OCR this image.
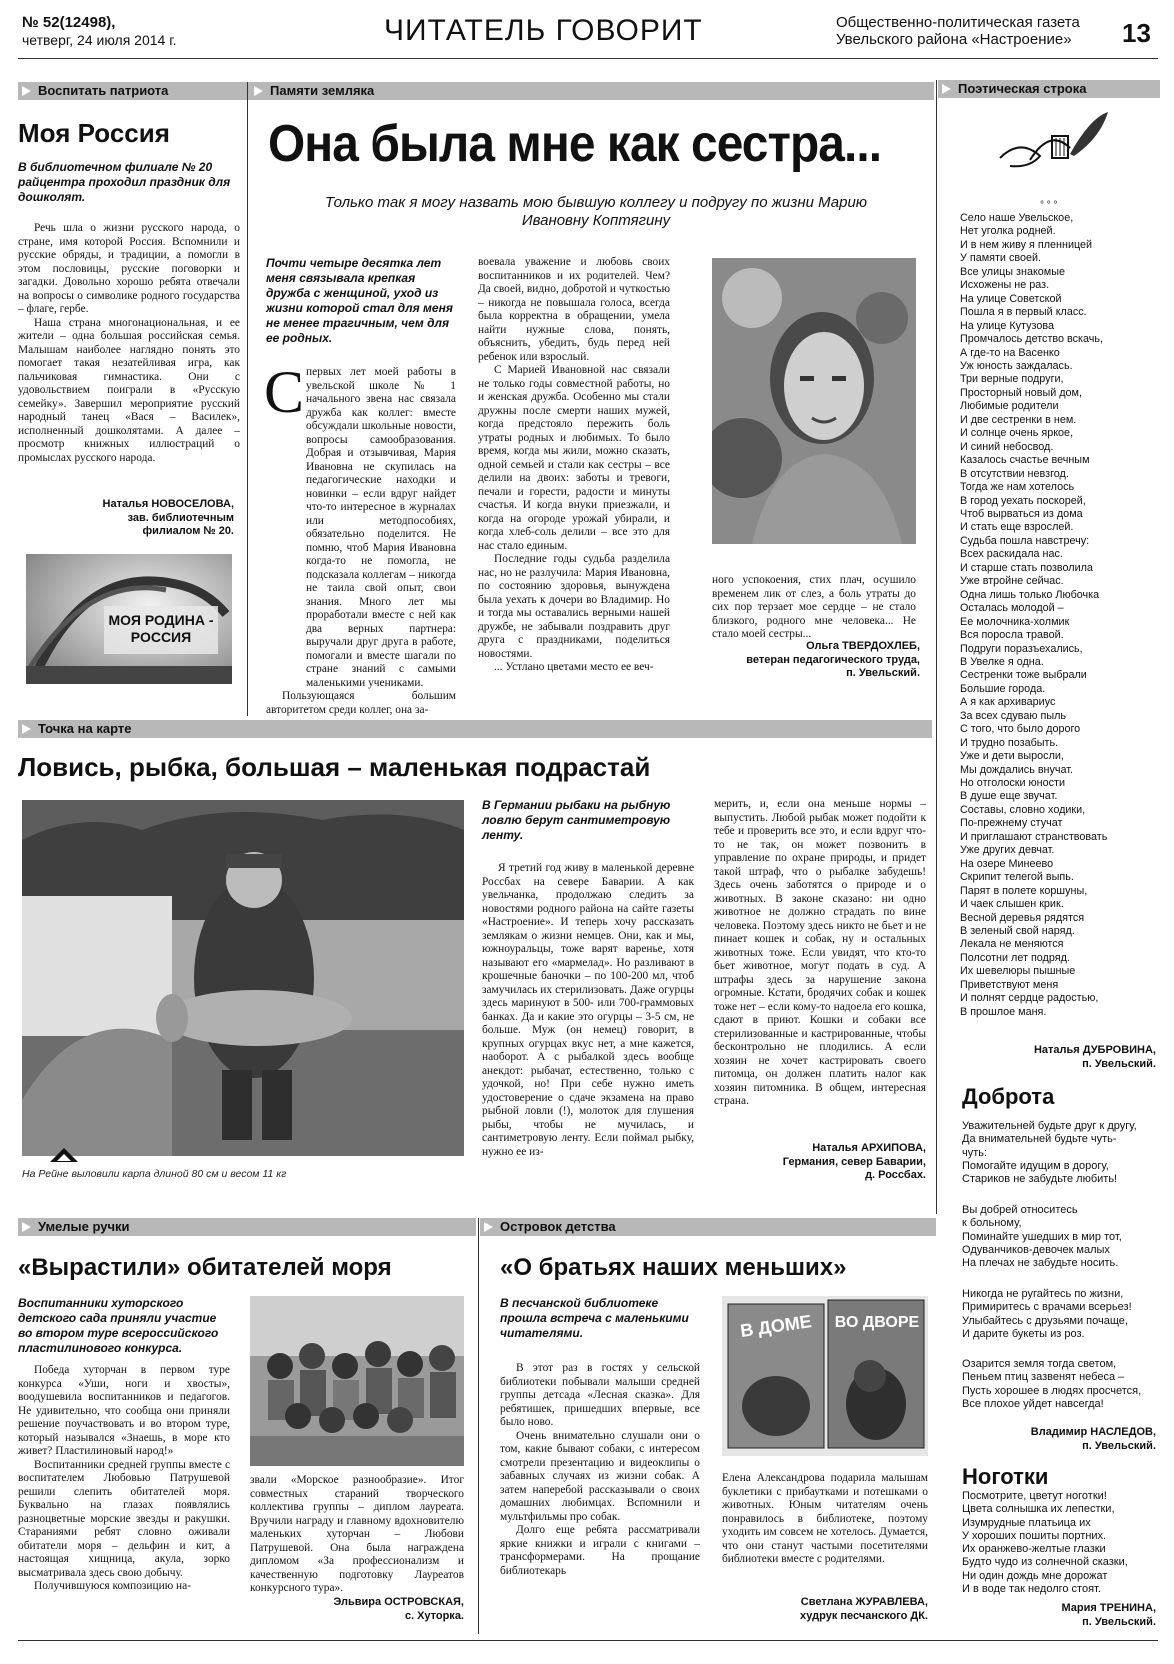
№ 52(12498),
четверг, 24 июля 2014 г.	ЧИТАТЕЛЬ ГОВОРИТ	Общественно-политическая газета
Увельского района «Настроение» 13
Воспитать патриота	Памяти земляка	Поэтическая строка
Моя Россия
В библиотечном филиале № 20 райцентра проходил праздник для дошколят.

Речь шла о жизни русского народа, о стране, имя которой Россия. Вспомнили и русские обряды, и традиции, а помогли в этом пословицы, русские поговорки и загадки. Довольно хорошо ребята отвечали на вопросы о символике родного государства – флаге, гербе.

Наша страна многонациональная, и ее жители – одна большая российская семья. Малышам наиболее наглядно понять это помогает такая незатейливая игра, как пальчиковая гимнастика. Они с удовольствием поиграли в «Русскую семейку». Завершил мероприятие русский народный танец «Вася – Василек», исполненный дошколятами. А далее – просмотр книжных иллюстраций о промыслах русского народа.

Наталья НОВОСЕЛОВА,
зав. библиотечным
филиалом № 20.
МОЯ РОДИНА - РОССИЯ
Она была мне как сестра...
Только так я могу назвать мою бывшую коллегу и подругу по жизни Марию Ивановну Коптягину
Почти четыре десятка лет меня связывала крепкая дружба с женщиной, уход из жизни которой стал для меня не менее трагичным, чем для ее родных.
С первых лет моей работы в увельской школе № 1 начального звена нас связала дружба как коллег: вместе обсуждали школьные новости, вопросы самообразования. Добрая и отзывчивая, Мария Ивановна не скупилась на педагогические находки и новинки – если вдруг найдет что-то интересное в журналах или методпособиях, обязательно поделится. Не помню, чтоб Мария Ивановна когда-то не помогла, не подсказала коллегам – никогда не таила свой опыт, свои знания. Много лет мы проработали вместе с ней как два верных партнера: выручали друг друга в работе, помогали и вместе шагали по стране знаний с самыми маленькими учениками.

Пользующаяся большим авторитетом среди коллег, она за-

воевала уважение и любовь своих воспитанников и их родителей. Чем? Да своей, видно, добротой и чуткостью – никогда не повышала голоса, всегда была корректна в обращении, умела найти нужные слова, понять, объяснить, убедить, будь перед ней ребенок или взрослый.

С Марией Ивановной нас связали не только годы совместной работы, но и женская дружба. Особенно мы стали дружны после смерти наших мужей, когда предстояло пережить боль утраты родных и любимых. То было время, когда мы жили, можно сказать, одной семьей и стали как сестры – все делили на двоих: заботы и тревоги, печали и горести, радости и минуты счастья. И когда внуки приезжали, и когда на огороде урожай убирали, и когда хлеб-соль делили – все это для нас стало единым.

Последние годы судьба разделила нас, но не разлучила: Мария Ивановна, по состоянию здоровья, вынуждена была уехать к дочери во Владимир. Но и тогда мы оставались верными нашей дружбе, не забывали поздравить друг друга с праздниками, поделиться новостями.

... Устлано цветами место ее веч-

ного успокоения, стих плач, осушило временем лик от слез, а боль утраты до сих пор терзает мое сердце – не стало близкого, родного мне человека... Не стало моей сестры...

Ольга ТВЕРДОХЛЕБ,
ветеран педагогического труда,
п. Увельский.
Точка на карте
Ловись, рыбка, большая – маленькая подрастай
На Рейне выловили карпа длиной 80 см и весом 11 кг
В Германии рыбаки на рыбную ловлю берут сантиметровую ленту.

Я третий год живу в маленькой деревне Россбах на севере Баварии. А как увельчанка, продолжаю следить за новостями родного района на сайте газеты «Настроение». И теперь хочу рассказать землякам о жизни немцев. Они, как и мы, южноуральцы, тоже варят варенье, хотя называют его «мармелад». Но разливают в крошечные баночки – по 100-200 мл, чтоб замучилась их стерилизовать. Даже огурцы здесь маринуют в 500- или 700-граммовых банках. Да и какие это огурцы – 3-5 см, не больше. Муж (он немец) говорит, в крупных огурцах вкус нет, а мне кажется, наоборот. А с рыбалкой здесь вообще анекдот: рыбачат, естественно, только с удочкой, но! При себе нужно иметь удостоверение о сдаче экзамена на право рыбной ловли (!), молоток для глушения рыбы, чтобы не мучилась, и сантиметровую ленту. Если поймал рыбку, нужно ее из-

мерить, и, если она меньше нормы – выпустить. Любой рыбак может подойти к тебе и проверить все это, и если вдруг что-то не так, он может позвонить в управление по охране природы, и придет такой штраф, что о рыбалке забудешь! Здесь очень заботятся о природе и о животных. В законе сказано: ни одно животное не должно страдать по вине человека. Поэтому здесь никто не бьет и не пинает кошек и собак, ну и остальных животных тоже. Если увидят, что кто-то бьет животное, могут подать в суд. А штрафы здесь за нарушение закона огромные. Кстати, бродячих собак и кошек тоже нет – если кому-то надоела его кошка, сдают в приют. Кошки и собаки все стерилизованные и кастрированные, чтобы бесконтрольно не плодились. А если хозяин не хочет кастрировать своего питомца, он должен платить налог как хозяин питомника. В общем, интересная страна.

Наталья АРХИПОВА,
Германия, север Баварии,
д. Россбах.
° ° °
Село наше Увельское,
Нет уголка родней.
И в нем живу я пленницей
У памяти своей.
Все улицы знакомые
Исхожены не раз.
На улице Советской
Пошла я в первый класс.
На улице Кутузова
Промчалось детство вскачь,
А где-то на Васенко
Уж юность заждалась.
Три верные подруги,
Просторный новый дом,
Любимые родители
И две сестренки в нем.
И солнце очень яркое,
И синий небосвод.
Казалось счастье вечным
В отсутствии невзгод.
Тогда же нам хотелось
В город уехать поскорей,
Чтоб вырваться из дома
И стать еще взрослей.
Судьба пошла навстречу:
Всех раскидала нас.
И старше стать позволила
Уже втройне сейчас.
Одна лишь только Любочка
Осталась молодой –
Ее молочника-холмик
Вся поросла травой.
Подруги поразъехались,
В Увелке я одна.
Сестренки тоже выбрали
Большие города.
А я как архивариус
За всех сдуваю пыль
С того, что было дорого
И трудно позабыть.
Уже и дети выросли,
Мы дождались внучат.
Но отголоски юности
В душе еще звучат.
Составы, словно ходики,
По-прежнему стучат
И приглашают странствовать
Уже других девчат.
На озере Минеево
Скрипит телегой выпь.
Парят в полете коршуны,
И чаек слышен крик.
Весной деревья рядятся
В зеленый свой наряд.
Лекала не меняются
Полсотни лет подряд.
Их шевелюры пышные
Приветствуют меня
И полнят сердце радостью,
В прошлое маня.
Наталья ДУБРОВИНА,
п. Увельский.
Доброта
Уважительней будьте друг к другу,
Да внимательней будьте чуть-
чуть:
Помогайте идущим в дорогу,
Стариков не забудьте любить!
Вы добрей относитесь
к больному,
Поминайте ушедших в мир тот,
Одуванчиков-девочек малых
На плечах не забудьте носить.
Никогда не ругайтесь по жизни,
Примиритесь с врачами всерьез!
Улыбайтесь с друзьями почаще,
И дарите букеты из роз.
Озарится земля тогда светом,
Пеньем птиц зазвенят небеса –
Пусть хорошее в людях просчется,
Все плохое уйдет навсегда!
Владимир НАСЛЕДОВ,
п. Увельский.
Ноготки
Посмотрите, цветут ноготки!
Цвета солнышка их лепестки,
Изумрудные платьица их
У хороших пошиты портних.
Их оранжево-желтые глазки
Будто чудо из солнечной сказки,
Ни один дождь мне дорожат
И в воде так недолго стоят.
Мария ТРЕНИНА,
п. Увельский.
Умелые ручки	Островок детства
«Вырастили» обитателей моря
Воспитанники хуторского детского сада приняли участие во втором туре всероссийского пластилинового конкурса.

Победа хуторчан в первом туре конкурса «Уши, ноги и хвосты», воодушевила воспитанников и педагогов. Не удивительно, что сообща они приняли решение поучаствовать и во втором туре, который назывался «Знаешь, в море кто живет? Пластилиновый народ!»

Воспитанники средней группы вместе с воспитателем Любовью Патрушевой решили слепить обитателей моря. Буквально на глазах появлялись разноцветные морские звезды и ракушки. Стараниями ребят словно оживали обитатели моря – дельфин и кит, а настоящая хищница, акула, зорко высматривала здесь свою добычу.

Получившуюся композицию на-

звали «Морское разнообразие». Итог совместных стараний творческого коллектива группы – диплом лауреата. Вручили награду и главному вдохновителю маленьких хуторчан – Любови Патрушевой. Она была награждена дипломом «За профессионализм и качественную подготовку Лауреатов конкурсного тура».

Эльвира ОСТРОВСКАЯ,
с. Хуторка.
«О братьях наших меньших»
В песчанской библиотеке прошла встреча с маленькими читателями.	В ДОМЕ ВО ДВОРЕ

В этот раз в гостях у сельской библиотеки побывали малыши средней группы детсада «Лесная сказка». Для ребятишек, пришедших впервые, все было ново.

Очень внимательно слушали они о том, какие бывают собаки, с интересом смотрели презентацию и видеоклипы о забавных случаях из жизни собак. А затем наперебой рассказывали о своих домашних любимцах. Вспомнили и мультфильмы про собак.

Долго еще ребята рассматривали яркие книжки и играли с книгами – трансформерами. На прощание библиотекарь

Елена Александрова подарила малышам буклетики с прибаутками и потешками о животных. Юным читателям очень понравилось в библиотеке, поэтому уходить им совсем не хотелось. Думается, что они станут частыми посетителями библиотеки вместе с родителями.

Светлана ЖУРАВЛЕВА,
худрук песчанского ДК.
